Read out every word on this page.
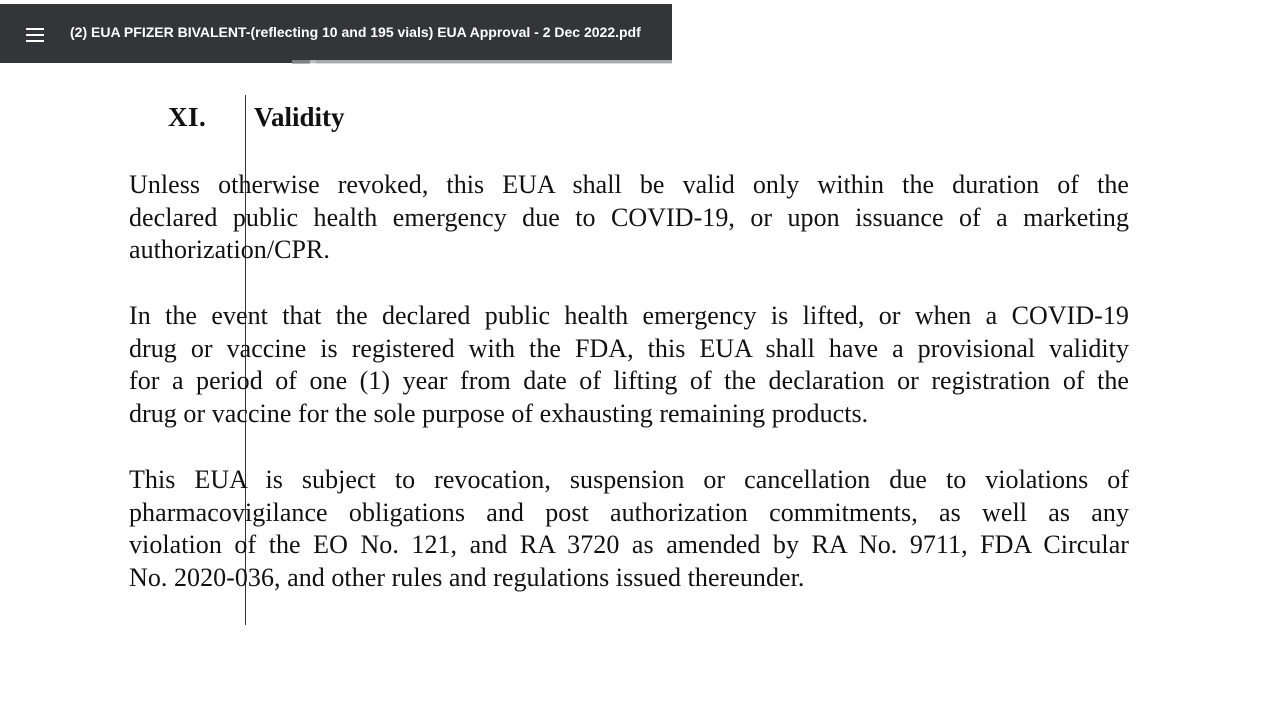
(2) EUA PFIZER BIVALENT-(reflecting 10 and 195 vials) EUA Approval - 2 Dec 2022.pdf
XI. Validity
Unless otherwise revoked, this EUA shall be valid only within the duration of the
declared public health emergency due to COVID-19, or upon issuance of a marketing
authorization/CPR.
In the event that the declared public health emergency is lifted, or when a COVID-19
drug or vaccine is registered with the FDA, this EUA shall have a provisional validity
for a period of one (1) year from date of lifting of the declaration or registration of the
drug or vaccine for the sole purpose of exhausting remaining products.
This EUA is subject to revocation, suspension or cancellation due to violations of
pharmacovigilance obligations and post authorization commitments, as well as any
violation of the EO No. 121, and RA 3720 as amended by RA No. 9711, FDA Circular
No. 2020-036, and other rules and regulations issued thereunder.
